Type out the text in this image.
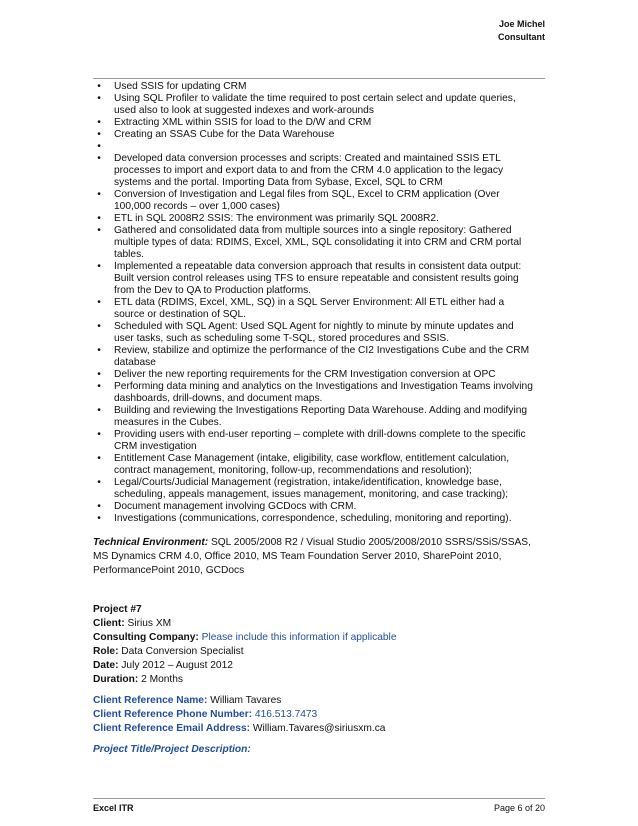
Joe Michel
Consultant
•	Used SSIS for updating CRM
•	Using SQL Profiler to validate the time required to post certain select and update queries,
used also to look at suggested indexes and work-arounds
•	Extracting XML within SSIS for load to the D/W and CRM
•	Creating an SSAS Cube for the Data Warehouse
•
•	Developed data conversion processes and scripts: Created and maintained SSIS ETL
processes to import and export data to and from the CRM 4.0 application to the legacy
systems and the portal. Importing Data from Sybase, Excel, SQL to CRM
•	Conversion of Investigation and Legal files from SQL, Excel to CRM application (Over
100,000 records – over 1,000 cases)
•	ETL in SQL 2008R2 SSIS: The environment was primarily SQL 2008R2.
•	Gathered and consolidated data from multiple sources into a single repository: Gathered
multiple types of data: RDIMS, Excel, XML, SQL consolidating it into CRM and CRM portal
tables.
•	Implemented a repeatable data conversion approach that results in consistent data output:
Built version control releases using TFS to ensure repeatable and consistent results going
from the Dev to QA to Production platforms.
•	ETL data (RDIMS, Excel, XML, SQ) in a SQL Server Environment: All ETL either had a
source or destination of SQL.
•	Scheduled with SQL Agent: Used SQL Agent for nightly to minute by minute updates and
user tasks, such as scheduling some T-SQL, stored procedures and SSIS.
•	Review, stabilize and optimize the performance of the CI2 Investigations Cube and the CRM
database
•	Deliver the new reporting requirements for the CRM Investigation conversion at OPC
•	Performing data mining and analytics on the Investigations and Investigation Teams involving
dashboards, drill-downs, and document maps.
•	Building and reviewing the Investigations Reporting Data Warehouse. Adding and modifying
measures in the Cubes.
•	Providing users with end-user reporting – complete with drill-downs complete to the specific
CRM investigation
•	Entitlement Case Management (intake, eligibility, case workflow, entitlement calculation,
contract management, monitoring, follow-up, recommendations and resolution);
•	Legal/Courts/Judicial Management (registration, intake/identification, knowledge base,
scheduling, appeals management, issues management, monitoring, and case tracking);
•	Document management involving GCDocs with CRM.
•	Investigations (communications, correspondence, scheduling, monitoring and reporting).
Technical Environment: SQL 2005/2008 R2 / Visual Studio 2005/2008/2010 SSRS/SSiS/SSAS,
MS Dynamics CRM 4.0, Office 2010, MS Team Foundation Server 2010, SharePoint 2010,
PerformancePoint 2010, GCDocs
Project #7
Client: Sirius XM
Consulting Company: Please include this information if applicable
Role: Data Conversion Specialist
Date: July 2012 – August 2012
Duration: 2 Months
Client Reference Name: William Tavares
Client Reference Phone Number: 416.513.7473
Client Reference Email Address: William.Tavares@siriusxm.ca
Project Title/Project Description:
Excel ITR	Page 6 of 20
